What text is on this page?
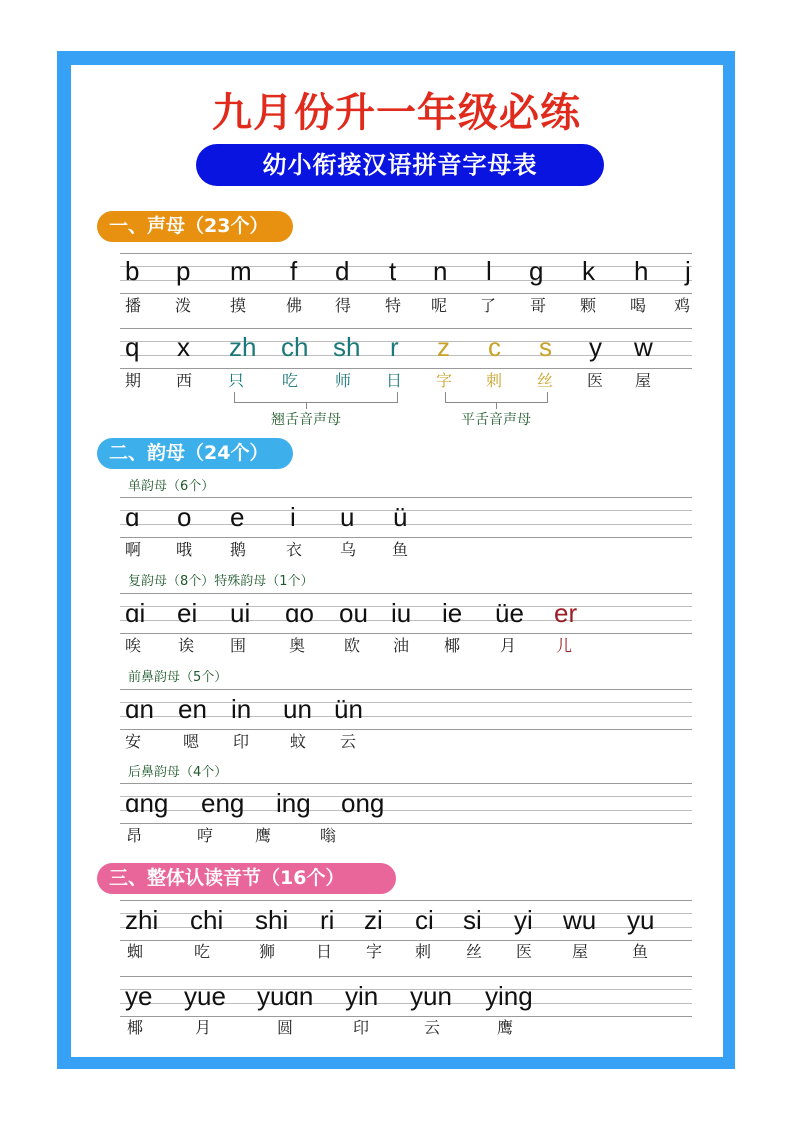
九月份升一年级必练
幼小衔接汉语拼音字母表
一、声母（23个）
b p m f d t n l g k h j
播 泼 摸 佛 得 特 呢 了 哥 颗 喝 鸡
q x zh ch sh r z c s y w
期 西 只 吃 师 日 字 刺 丝 医 屋
翘舌音声母	平舌音声母
二、韵母（24个）
单韵母（6个）
ɑ o e i u ü
啊 哦 鹅 衣 乌 鱼
复韵母（8个）特殊韵母（1个）
ɑi ei ui ɑo ou iu ie üe er
唉 诶 围	奥 欧 油 椰 月 儿
前鼻韵母（5个）
ɑn en in un ün
安	嗯 印	蚊 云
后鼻韵母（4个）
ɑng eng ing ong
昂	哼	鹰	嗡
三、整体认读音节（16个）
zhi chi shi ri zi ci si yi wu yu
蜘	吃	狮	日 字 刺 丝 医 屋	鱼
ye yue yuɑn yin yun ying
椰	月	圆	印	云	鹰
